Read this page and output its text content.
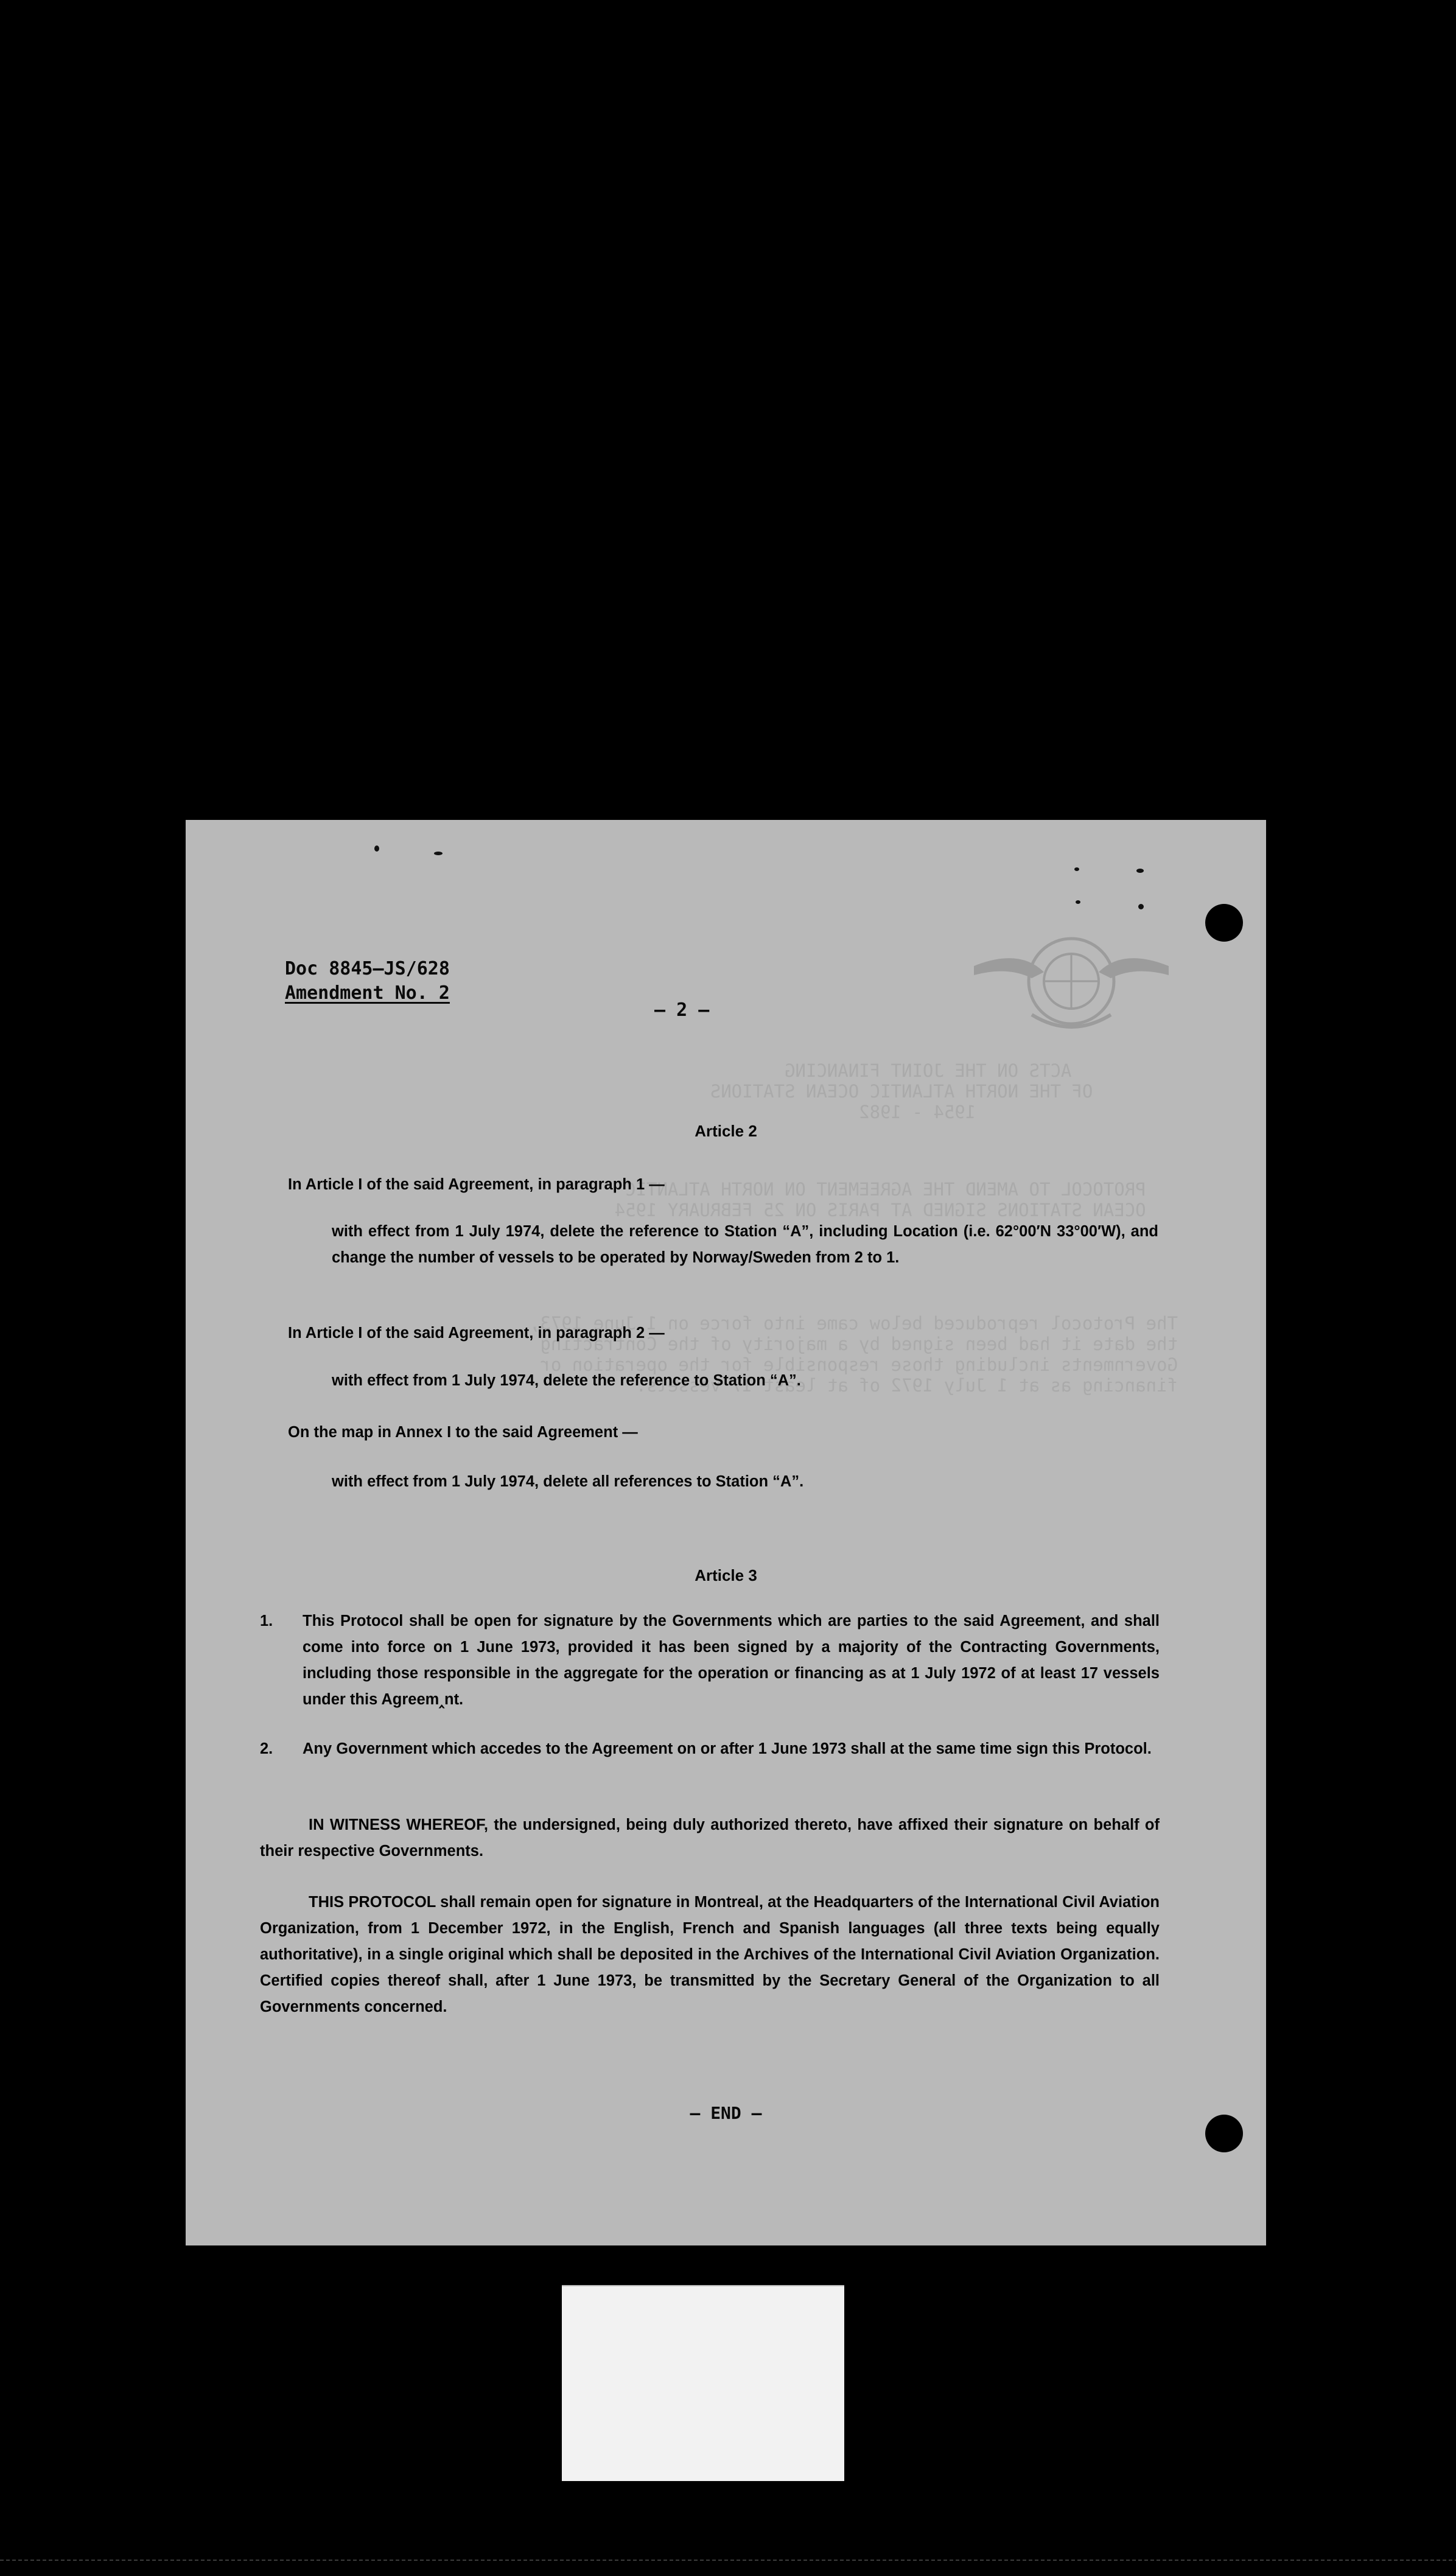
ACTS ON THE JOINT FINANCING
OF THE NORTH ATLANTIC OCEAN STATIONS
1954 - 1982
PROTOCOL TO AMEND THE AGREEMENT ON NORTH ATLANTIC
OCEAN STATIONS SIGNED AT PARIS ON 25 FEBRUARY 1954
The Protocol reproduced below came into force on 1 June 1973,
the date it had been signed by a majority of the Contracting
Governments including those responsible for the operation or
financing as at 1 July 1972 of at least 17 vessels.
Doc 8845—JS/628
Amendment No. 2
— 2 —
Article 2
In Article I of the said Agreement, in paragraph 1 —
with effect from 1 July 1974, delete the reference to Station “A”, including Location (i.e. 62°00′N 33°00′W), and change the number of vessels to be operated by Norway/Sweden from 2 to 1.
In Article I of the said Agreement, in paragraph 2 —
with effect from 1 July 1974, delete the reference to Station “A”.
On the map in Annex I to the said Agreement —
with effect from 1 July 1974, delete all references to Station “A”.
Article 3
1. This Protocol shall be open for signature by the Governments which are parties to the said Agreement, and shall come into force on 1 June 1973, provided it has been signed by a majority of the Contracting Governments, including those responsible in the aggregate for the operation or financing as at 1 July 1972 of at least 17 vessels under this Agreem‸nt.
2. Any Government which accedes to the Agreement on or after 1 June 1973 shall at the same time sign this Protocol.
IN WITNESS WHEREOF, the undersigned, being duly authorized thereto, have affixed their signature on behalf of their respective Governments.
THIS PROTOCOL shall remain open for signature in Montreal, at the Headquarters of the International Civil Aviation Organization, from 1 December 1972, in the English, French and Spanish languages (all three texts being equally authoritative), in a single original which shall be deposited in the Archives of the International Civil Aviation Organization. Certified copies thereof shall, after 1 June 1973, be transmitted by the Secretary General of the Organization to all Governments concerned.
— END —
